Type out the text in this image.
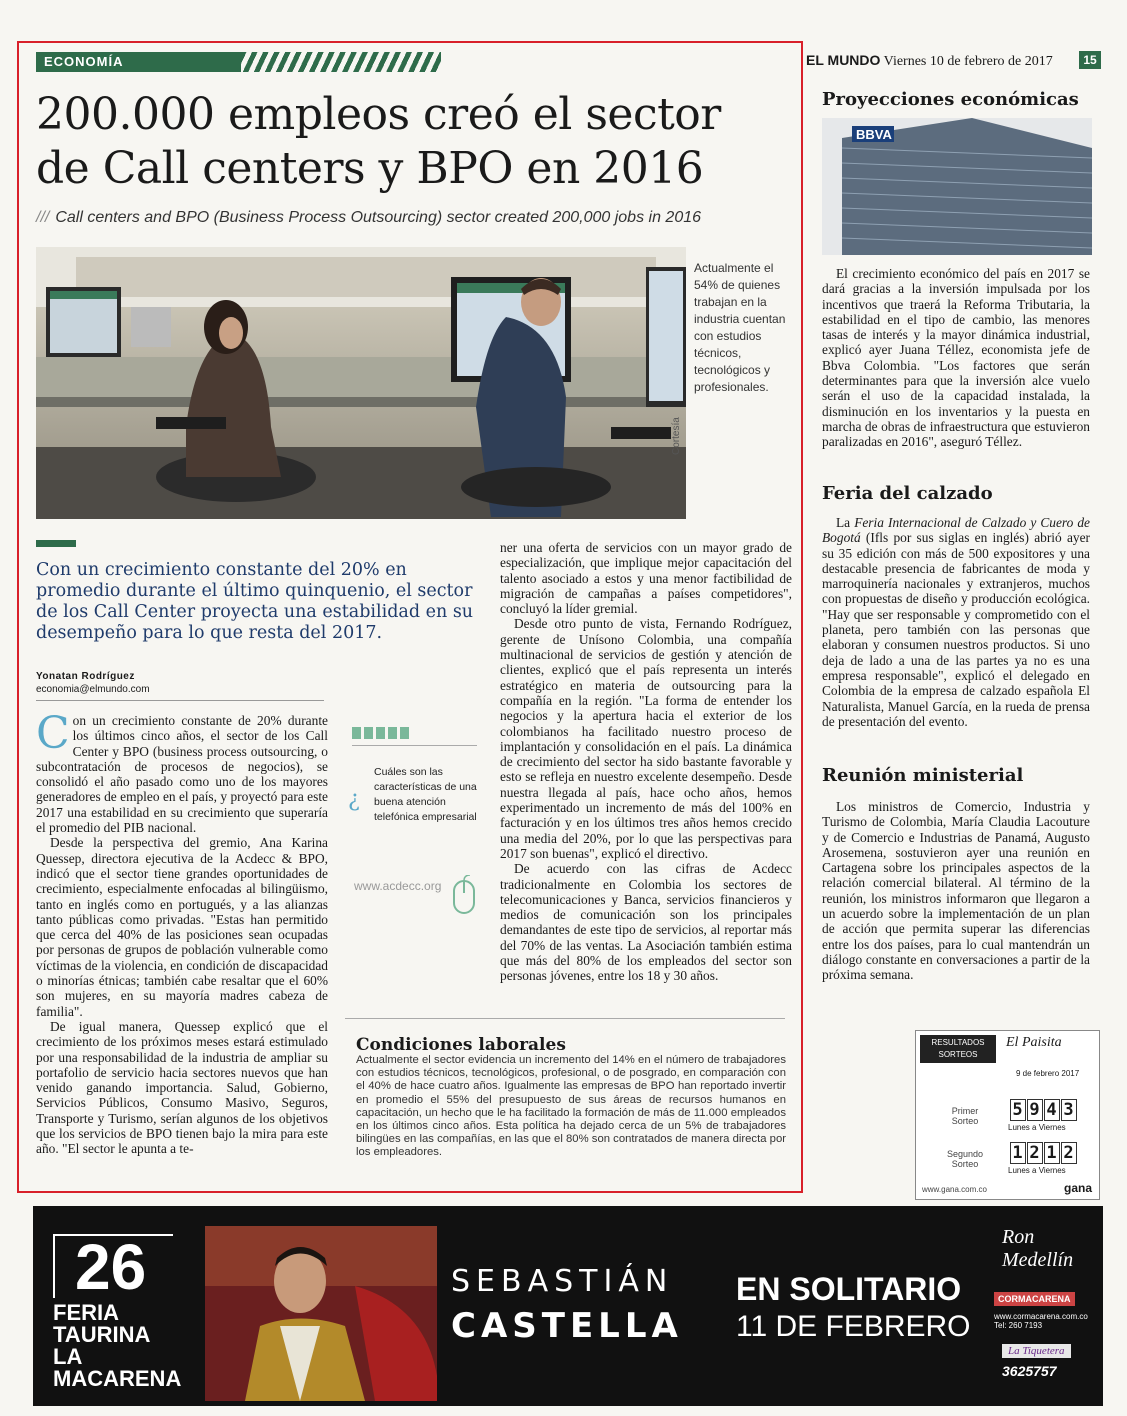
ECONOMÍA	EL MUNDO Viernes 10 de febrero de 2017	15
200.000 empleos creó el sector
de Call centers y BPO en 2016
/// Call centers and BPO (Business Process Outsourcing) sector created 200,000 jobs in 2016
Actualmente el 54% de quienes trabajan en la industria cuentan con estudios técnicos, tecnológicos y profesionales.
Cortesía
Con un crecimiento constante del 20% en promedio durante el último quinquenio, el sector de los Call Center proyecta una estabilidad en su desempeño para lo que resta del 2017.
Yonatan Rodríguez
economia@elmundo.com

Con un crecimiento constante de 20% durante los últimos cinco años, el sector de los Call Center y BPO (business process outsourcing, o subcontratación de procesos de negocios), se consolidó el año pasado como uno de los mayores generadores de empleo en el país, y proyectó para este 2017 una estabilidad en su crecimiento que superaría el promedio del PIB nacional.

Desde la perspectiva del gremio, Ana Karina Quessep, directora ejecutiva de la Acdecc & BPO, indicó que el sector tiene grandes oportunidades de crecimiento, especialmente enfocadas al bilingüismo, tanto en inglés como en portugués, y a las alianzas tanto públicas como privadas. "Estas han permitido que cerca del 40% de las posiciones sean ocupadas por personas de grupos de población vulnerable como víctimas de la violencia, en condición de discapacidad o minorías étnicas; también cabe resaltar que el 60% son mujeres, en su mayoría madres cabeza de familia".

De igual manera, Quessep explicó que el crecimiento de los próximos meses estará estimulado por una responsabilidad de la industria de ampliar su portafolio de servicio hacia sectores nuevos que han venido ganando importancia. Salud, Gobierno, Servicios Públicos, Consumo Masivo, Seguros, Transporte y Turismo, serían algunos de los objetivos que los servicios de BPO tienen bajo la mira para este año. "El sector le apunta a te-

¿
Cuáles son las características de una buena atención telefónica empresarial
www.acdecc.org

ner una oferta de servicios con un mayor grado de especialización, que implique mejor capacitación del talento asociado a estos y una menor factibilidad de migración de campañas a países competidores", concluyó la líder gremial.

Desde otro punto de vista, Fernando Rodríguez, gerente de Unísono Colombia, una compañía multinacional de servicios de gestión y atención de clientes, explicó que el país representa un interés estratégico en materia de outsourcing para la compañía en la región. "La forma de entender los negocios y la apertura hacia el exterior de los colombianos ha facilitado nuestro proceso de implantación y consolidación en el país. La dinámica de crecimiento del sector ha sido bastante favorable y esto se refleja en nuestro excelente desempeño. Desde nuestra llegada al país, hace ocho años, hemos experimentado un incremento de más del 100% en facturación y en los últimos tres años hemos crecido una media del 20%, por lo que las perspectivas para 2017 son buenas", explicó el directivo.

De acuerdo con las cifras de Acdecc tradicionalmente en Colombia los sectores de telecomunicaciones y Banca, servicios financieros y medios de comunicación son los principales demandantes de este tipo de servicios, al reportar más del 70% de las ventas. La Asociación también estima que más del 80% de los empleados del sector son personas jóvenes, entre los 18 y 30 años.

Condiciones laborales
Actualmente el sector evidencia un incremento del 14% en el número de trabajadores con estudios técnicos, tecnológicos, profesional, o de posgrado, en comparación con el 40% de hace cuatro años. Igualmente las empresas de BPO han reportado invertir en promedio el 55% del presupuesto de sus áreas de recursos humanos en capacitación, un hecho que le ha facilitado la formación de más de 11.000 empleados en los últimos cinco años. Esta política ha dejado cerca de un 5% de trabajadores bilingües en las compañías, en las que el 80% son contratados de manera directa por los empleadores.
Proyecciones económicas
BBVA

El crecimiento económico del país en 2017 se dará gracias a la inversión impulsada por los incentivos que traerá la Reforma Tributaria, la estabilidad en el tipo de cambio, las menores tasas de interés y la mayor dinámica industrial, explicó ayer Juana Téllez, economista jefe de Bbva Colombia. "Los factores que serán determinantes para que la inversión alce vuelo serán el uso de la capacidad instalada, la disminución en los inventarios y la puesta en marcha de obras de infraestructura que estuvieron paralizadas en 2016", aseguró Téllez.

Feria del calzado

La Feria Internacional de Calzado y Cuero de Bogotá (Ifls por sus siglas en inglés) abrió ayer su 35 edición con más de 500 expositores y una destacable presencia de fabricantes de moda y marroquinería nacionales y extranjeros, muchos con propuestas de diseño y producción ecológica. "Hay que ser responsable y comprometido con el planeta, pero también con las personas que elaboran y consumen nuestros productos. Si uno deja de lado a una de las partes ya no es una empresa responsable", explicó el delegado en Colombia de la empresa de calzado española El Naturalista, Manuel García, en la rueda de prensa de presentación del evento.

Reunión ministerial

Los ministros de Comercio, Industria y Turismo de Colombia, María Claudia Lacouture y de Comercio e Industrias de Panamá, Augusto Arosemena, sostuvieron ayer una reunión en Cartagena sobre los principales aspectos de la relación comercial bilateral. Al término de la reunión, los ministros informaron que llegaron a un acuerdo sobre la implementación de un plan de acción que permita superar las diferencias entre los dos países, para lo cual mantendrán un diálogo constante en conversaciones a partir de la próxima semana.

RESULTADOS SORTEOS
El Paisita
9 de febrero 2017
Primer Sorteo
5 9 4 3
Lunes a Viernes
Segundo Sorteo
1 2 1 2
Lunes a Viernes
www.gana.com.co	gana
26
FERIA
TAURINA
LA MACARENA
SEBASTIÁN
CASTELLA
EN SOLITARIO
11 DE FEBRERO
Ron Medellín
CORMACARENA
www.cormacarena.com.co Tel: 260 7193
La Tiquetera
3625757
